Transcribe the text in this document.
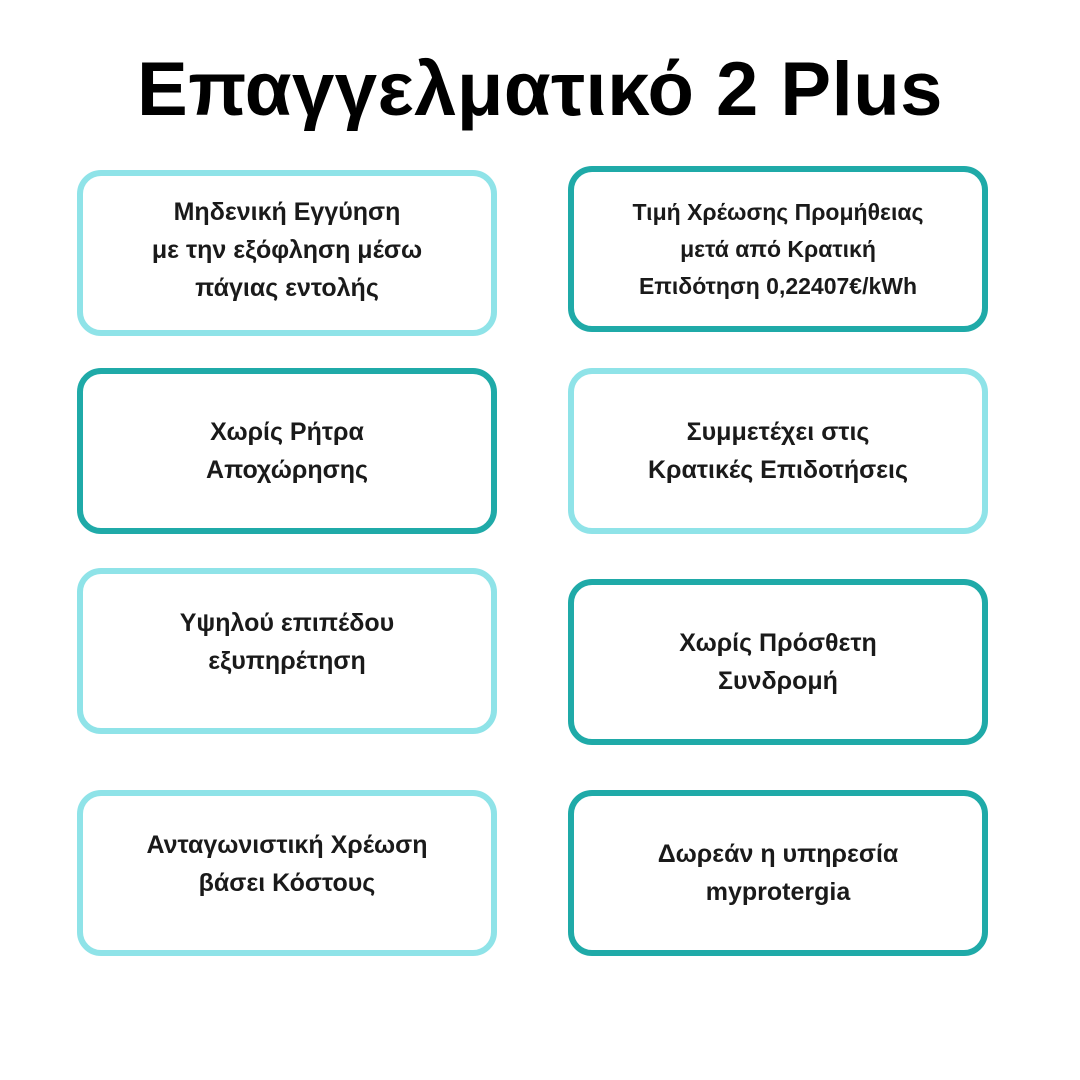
Επαγγελματικό 2 Plus
Μηδενική Εγγύηση
με την εξόφληση μέσω
πάγιας εντολής
Τιμή Χρέωσης Προμήθειας
μετά από Κρατική
Επιδότηση 0,22407€/kWh
Χωρίς Ρήτρα
Αποχώρησης
Συμμετέχει στις
Κρατικές Επιδοτήσεις
Υψηλού επιπέδου
εξυπηρέτηση
Χωρίς Πρόσθετη
Συνδρομή
Ανταγωνιστική Χρέωση
βάσει Κόστους
Δωρεάν η υπηρεσία
myprotergia
